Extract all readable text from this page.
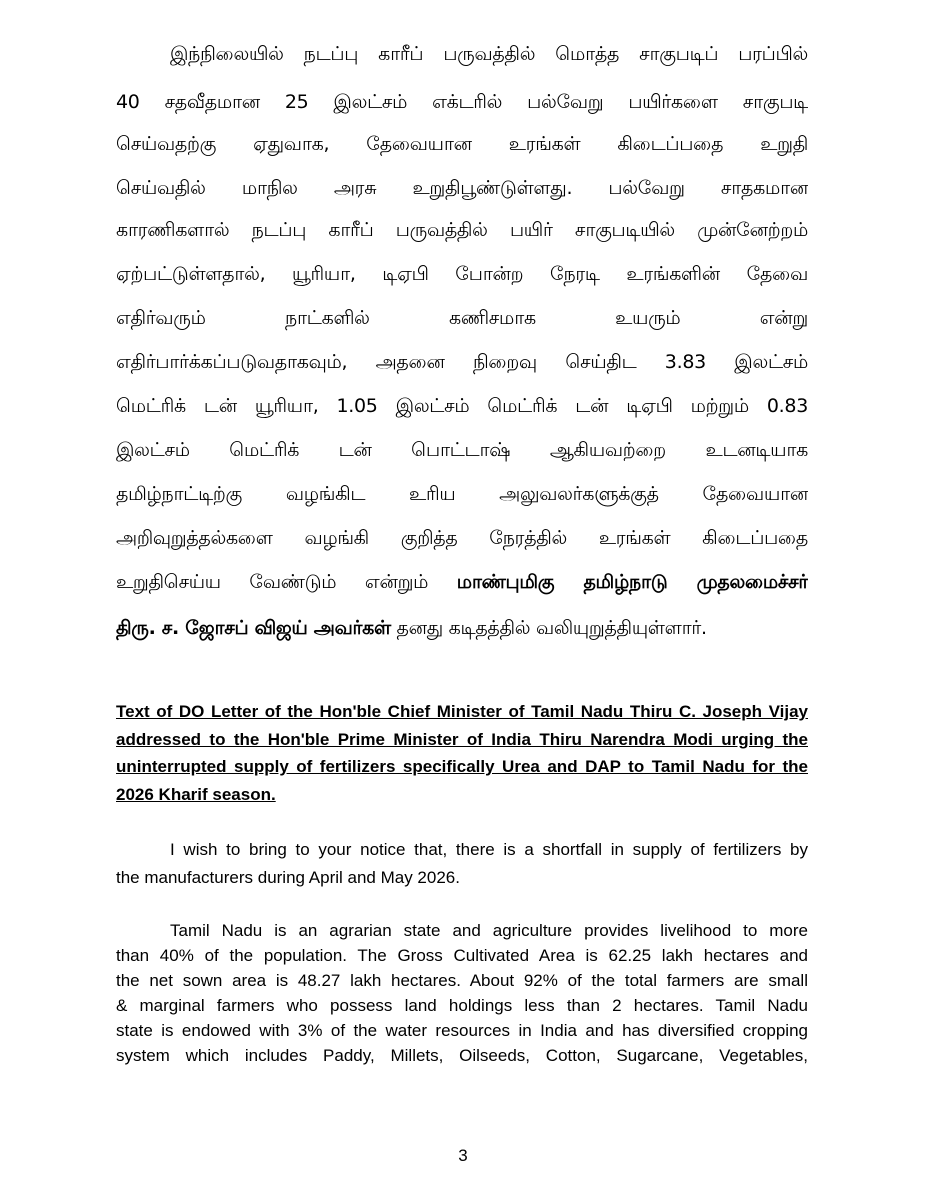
இந்நிலையில் நடப்பு காரீப் பருவத்தில் மொத்த சாகுபடிப் பரப்பில்

40 சதவீதமான 25 இலட்சம் எக்டரில் பல்வேறு பயிர்களை சாகுபடி

செய்வதற்கு ஏதுவாக, தேவையான உரங்கள் கிடைப்பதை உறுதி

செய்வதில் மாநில அரசு உறுதிபூண்டுள்ளது. பல்வேறு சாதகமான

காரணிகளால் நடப்பு காரீப் பருவத்தில் பயிர் சாகுபடியில் முன்னேற்றம்

ஏற்பட்டுள்ளதால், யூரியா, டிஏபி போன்ற நேரடி உரங்களின் தேவை

எதிர்வரும் நாட்களில் கணிசமாக உயரும் என்று

எதிர்பார்க்கப்படுவதாகவும், அதனை நிறைவு செய்திட 3.83 இலட்சம்

மெட்ரிக் டன் யூரியா, 1.05 இலட்சம் மெட்ரிக் டன் டிஏபி மற்றும் 0.83

இலட்சம் மெட்ரிக் டன் பொட்டாஷ் ஆகியவற்றை உடனடியாக

தமிழ்நாட்டிற்கு வழங்கிட உரிய அலுவலர்களுக்குத் தேவையான

அறிவுறுத்தல்களை வழங்கி குறித்த நேரத்தில் உரங்கள் கிடைப்பதை

உறுதிசெய்ய வேண்டும் என்றும் மாண்புமிகு தமிழ்நாடு முதலமைச்சர்

திரு. ச. ஜோசப் விஜய் அவர்கள் தனது கடிதத்தில் வலியுறுத்தியுள்ளார்.

Text of DO Letter of the Hon'ble Chief Minister of Tamil Nadu Thiru C. Joseph Vijay
addressed to the Hon'ble Prime Minister of India Thiru Narendra Modi urging the
uninterrupted supply of fertilizers specifically Urea and DAP to Tamil Nadu for the
2026 Kharif season.
I wish to bring to your notice that, there is a shortfall in supply of fertilizers by
the manufacturers during April and May 2026.
Tamil Nadu is an agrarian state and agriculture provides livelihood to more
than 40% of the population. The Gross Cultivated Area is 62.25 lakh hectares and
the net sown area is 48.27 lakh hectares. About 92% of the total farmers are small
& marginal farmers who possess land holdings less than 2 hectares. Tamil Nadu
state is endowed with 3% of the water resources in India and has diversified cropping
system which includes Paddy, Millets, Oilseeds, Cotton, Sugarcane, Vegetables,
3
